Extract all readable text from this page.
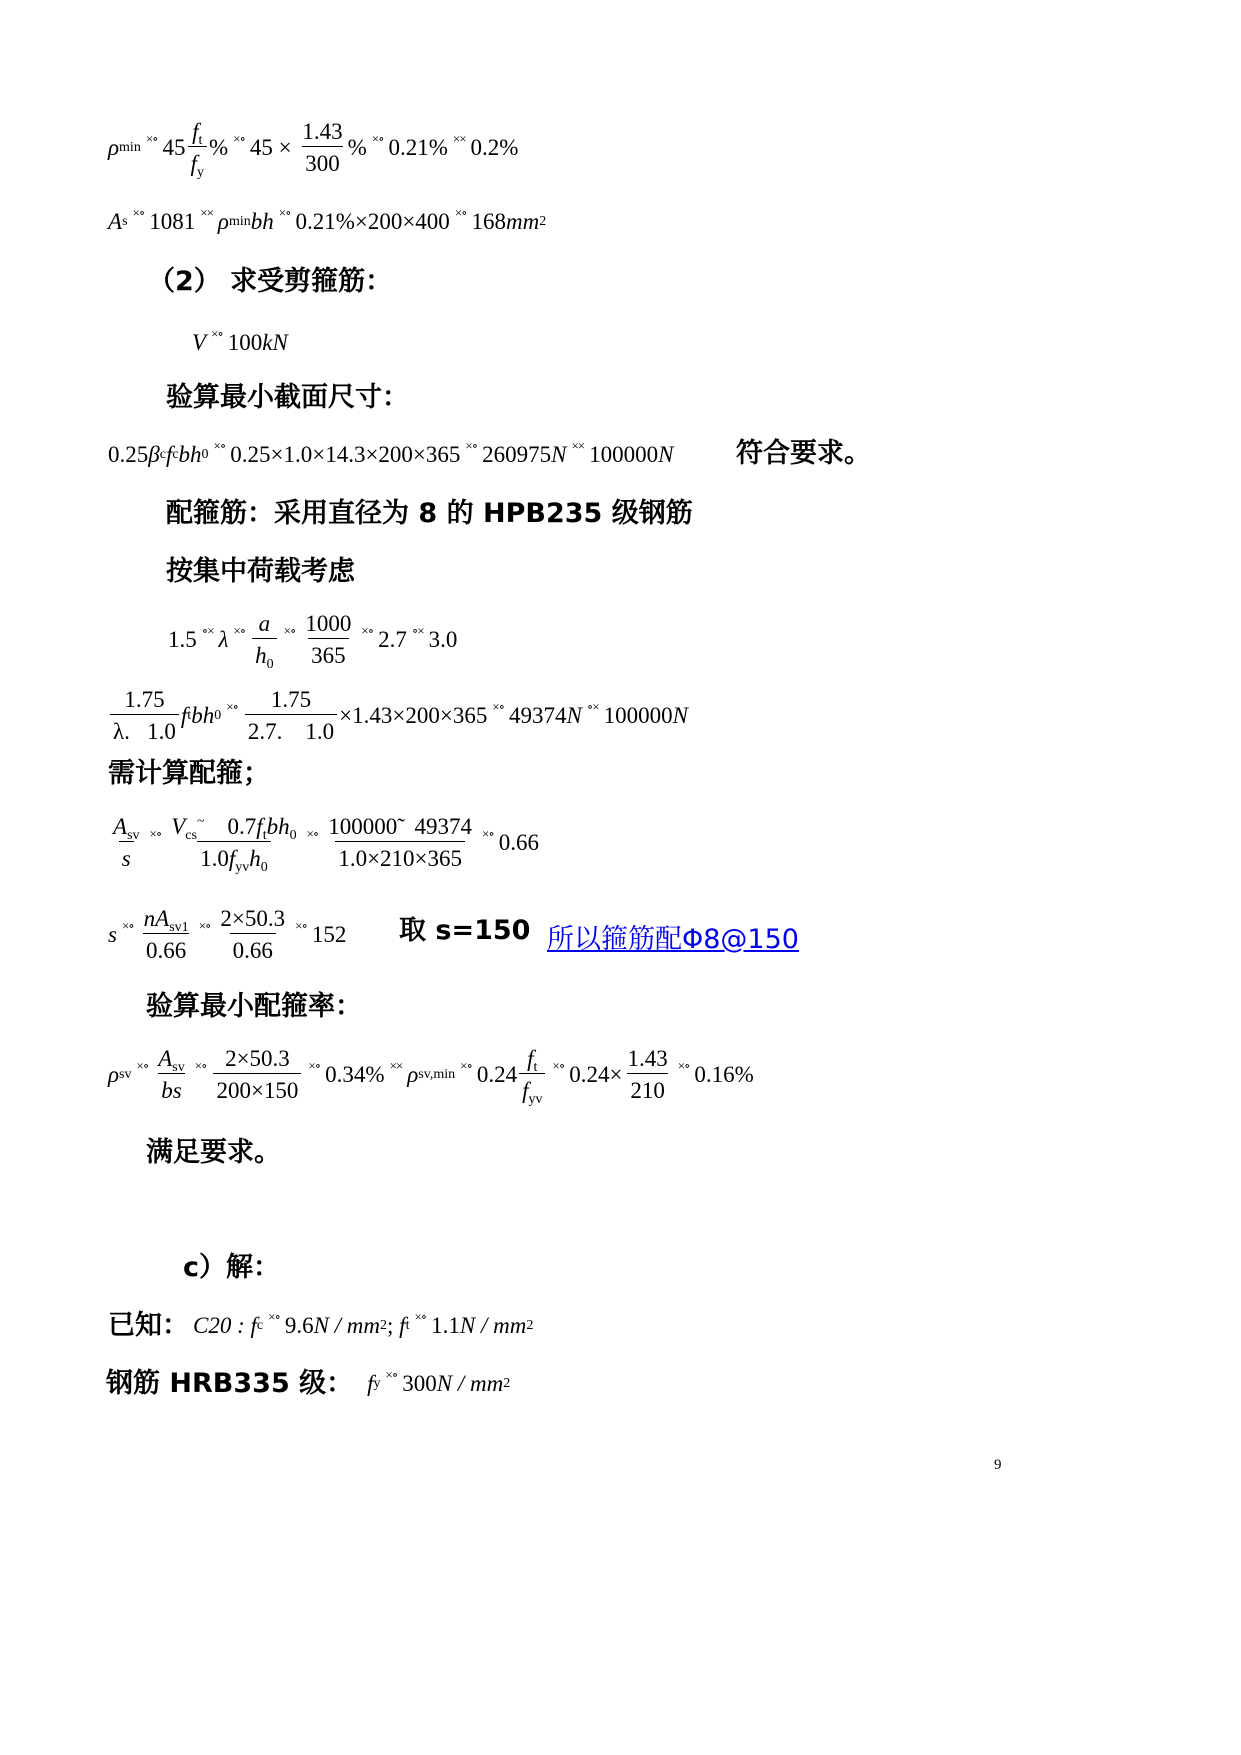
ρ min
×∘ $45 \frac{f_t}{f_y}$ % ×∘ $45 \times \frac{1.43}{300}$ % ×∘ 0.21% ×× 0.2%
A s
×∘ 1081 ×× ρ min bh ×∘ 0.21%×200×400 ×∘ 168 mm 2
（2） 求受剪箍筋：
V ×∘ 100 kN
验算最小截面尺寸：
0.25 β c f c bh 0
×∘ 0.25×1.0×14.3×200×365 ×∘ 260975 N ×× 100000 N 符合要求。
配箍筋：采用直径为 8 的 HPB235 级钢筋
按集中荷载考虑
1.5 ∘× λ ×∘ $\frac{a}{h_0}$ ×∘ $\frac{1000}{365}$ ×∘ 2.7 ∘× 3.0
$\frac{1.75}{\lambda. 1.0}$ f t bh 0
×∘ $\frac{1.75}{2.7. 1.0} \times 1.43\times 200\times 365$ ×∘ 49374 N ∘× 100000 N
需计算配箍；
$\frac{A_{sv}}{s}$ ×∘ $\frac{V_{cs}^\sim 0.7f_tbh_0}{1.0f_{yv}h_0}$ ×∘ $\frac{100000̃ 49374}{1.0\times 210\times 365}$ ×∘ 0.66
s ×∘ $\frac{nA_{sv1}}{0.66}$ ×∘ $\frac{2\times 50.3}{0.66}$ ×∘ 152 取 s=150 所以箍筋配Φ8@150
验算最小配箍率：
ρ sv
×∘ $\frac{A_{sv}}{bs}$ ×∘ $\frac{2\times 50.3}{200\times 150}$ ×∘ 0.34% ×× ρ sv,min
×∘ $0.24 \frac{f_t}{f_{yv}}$ ×∘ $0.24\times \frac{1.43}{210}$ ×∘ 0.16%
满足要求。
c）解：
已知： C20 :
f c
×∘ 9.6 N / mm 2 ;
f t
×∘ 1.1 N / mm 2
钢筋 HRB335 级： f y
×∘ 300 N / mm 2
9
